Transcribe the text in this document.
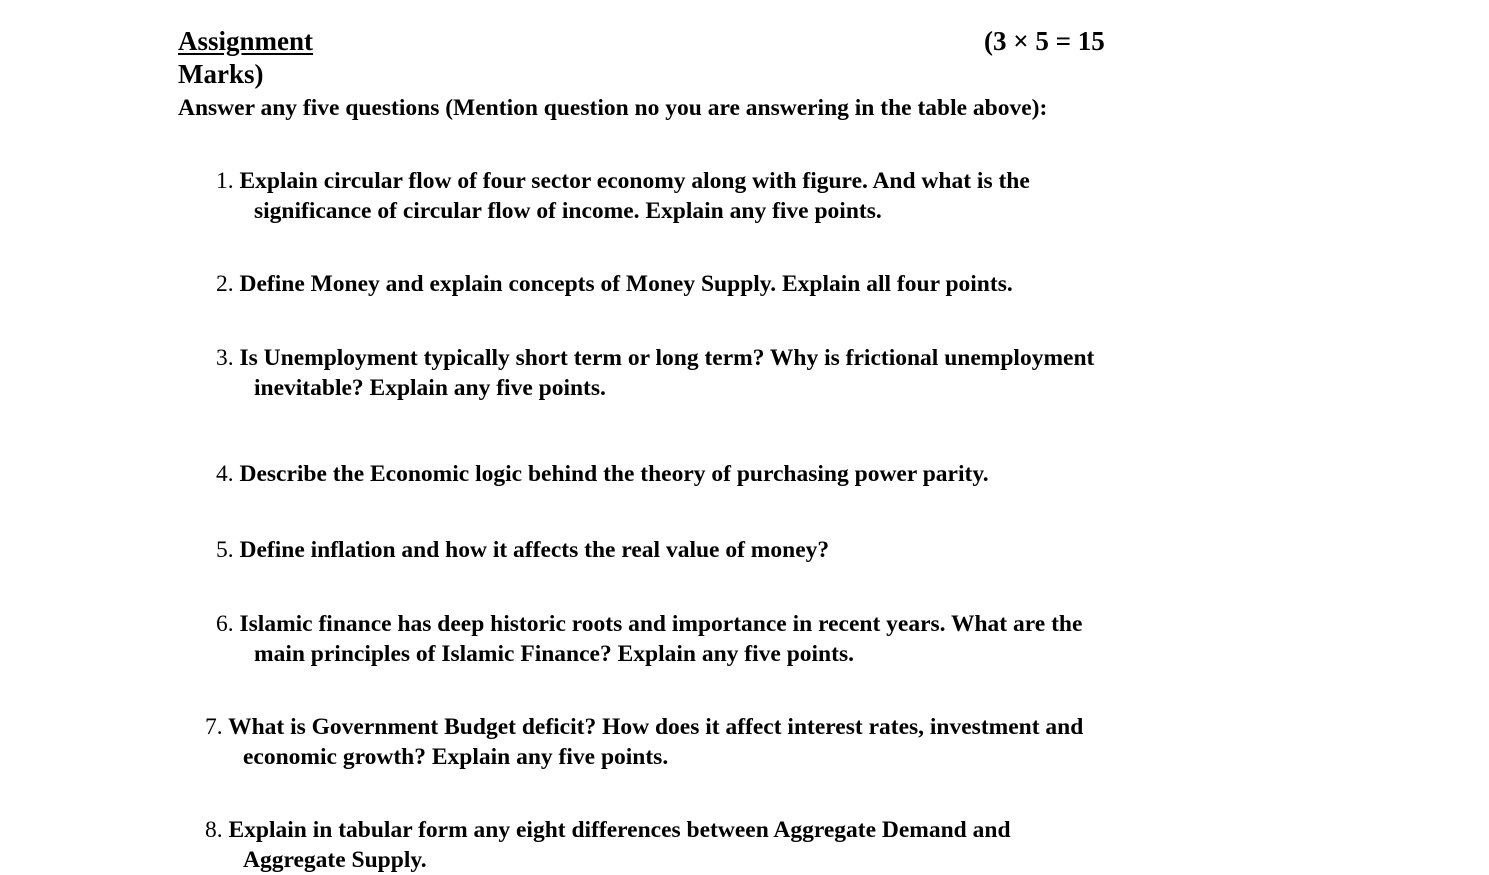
Assignment	(3 × 5 = 15
Marks)
Answer any five questions (Mention question no you are answering in the table above):
1. Explain circular flow of four sector economy along with figure. And what is the
significance of circular flow of income. Explain any five points.
2. Define Money and explain concepts of Money Supply. Explain all four points.
3. Is Unemployment typically short term or long term? Why is frictional unemployment
inevitable? Explain any five points.
4. Describe the Economic logic behind the theory of purchasing power parity.
5. Define inflation and how it affects the real value of money?
6. Islamic finance has deep historic roots and importance in recent years. What are the
main principles of Islamic Finance? Explain any five points.
7. What is Government Budget deficit? How does it affect interest rates, investment and
economic growth? Explain any five points.
8. Explain in tabular form any eight differences between Aggregate Demand and
Aggregate Supply.
